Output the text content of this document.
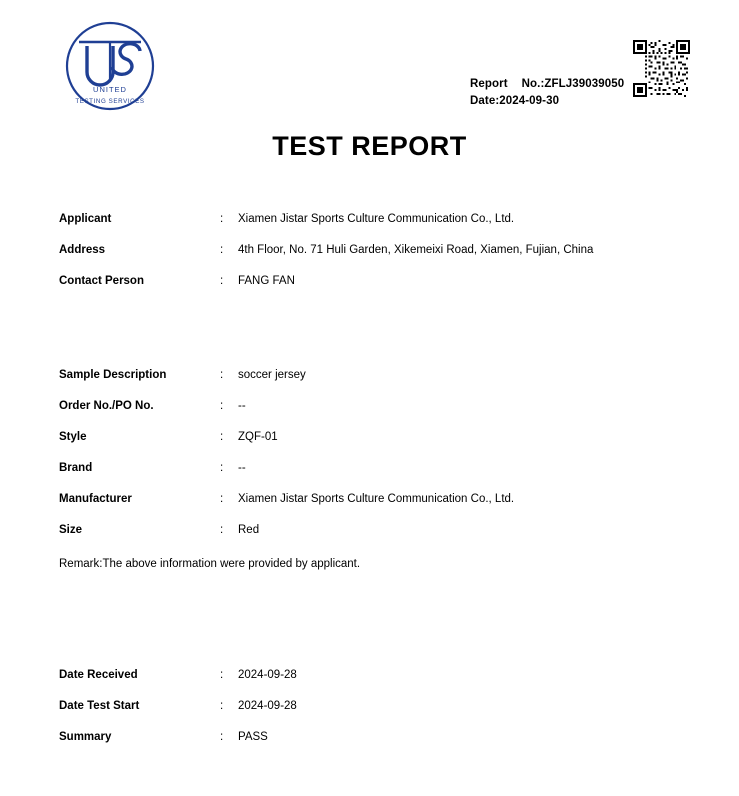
UNITED
TESTING SERVICES
Report No.:ZFLJ39039050
Date:2024-09-30
TEST REPORT
Applicant	:	Xiamen Jistar Sports Culture Communication Co., Ltd.
Address	:	4th Floor, No. 71 Huli Garden, Xikemeixi Road, Xiamen, Fujian, China
Contact Person	:	FANG FAN
Sample Description	:	soccer jersey
Order No./PO No.	:	--
Style	:	ZQF-01
Brand	:	--
Manufacturer	:	Xiamen Jistar Sports Culture Communication Co., Ltd.
Size	:	Red
Remark:The above information were provided by applicant.
Date Received	:	2024-09-28
Date Test Start	:	2024-09-28
Summary	:	PASS
